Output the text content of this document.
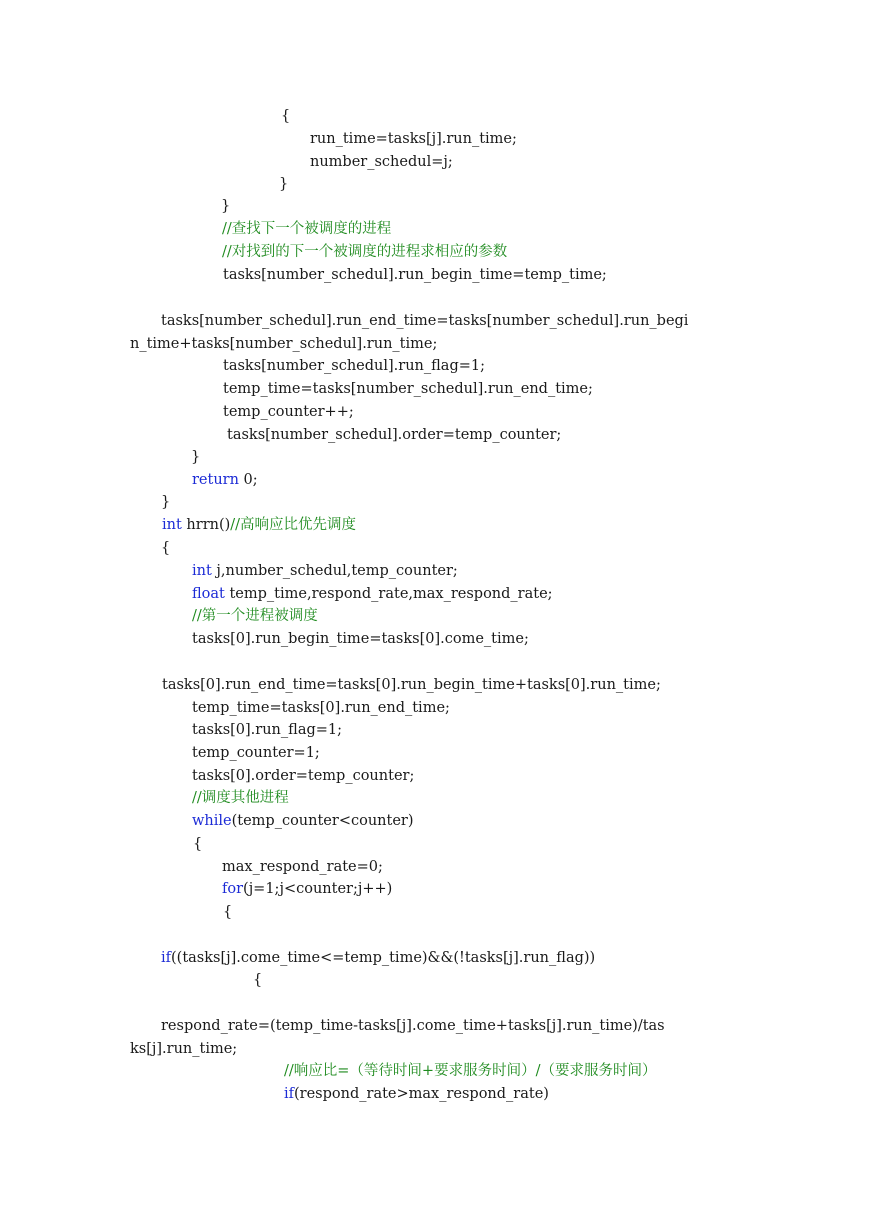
{
run_time=tasks[j].run_time;
number_schedul=j;
}
}
//查找下一个被调度的进程
//对找到的下一个被调度的进程求相应的参数
tasks[number_schedul].run_begin_time=temp_time;
tasks[number_schedul].run_end_time=tasks[number_schedul].run_begi
n_time+tasks[number_schedul].run_time;
tasks[number_schedul].run_flag=1;
temp_time=tasks[number_schedul].run_end_time;
temp_counter++;
tasks[number_schedul].order=temp_counter;
}
return 0;
}
int hrrn()//高响应比优先调度
{
int j,number_schedul,temp_counter;
float temp_time,respond_rate,max_respond_rate;
//第一个进程被调度
tasks[0].run_begin_time=tasks[0].come_time;
tasks[0].run_end_time=tasks[0].run_begin_time+tasks[0].run_time;
temp_time=tasks[0].run_end_time;
tasks[0].run_flag=1;
temp_counter=1;
tasks[0].order=temp_counter;
//调度其他进程
while(temp_counter<counter)
{
max_respond_rate=0;
for(j=1;j<counter;j++)
{
if((tasks[j].come_time<=temp_time)&&(!tasks[j].run_flag))
{
respond_rate=(temp_time-tasks[j].come_time+tasks[j].run_time)/tas
ks[j].run_time;
//响应比=（等待时间+要求服务时间）/（要求服务时间）
if(respond_rate>max_respond_rate)
